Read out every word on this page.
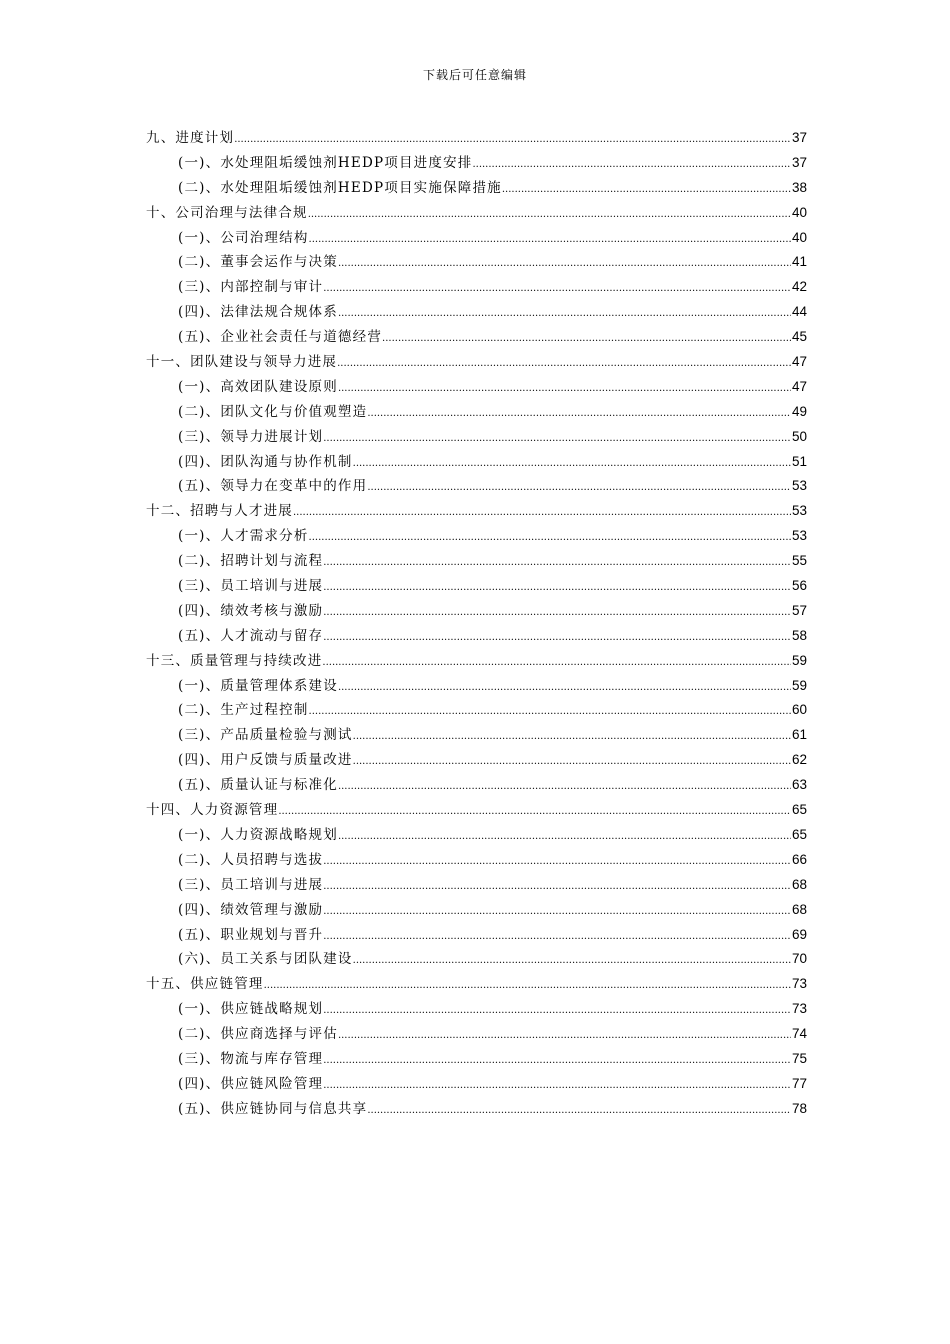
下载后可任意编辑
九、进度计划 .....	37
(一)、水处理阻垢缓蚀剂HEDP项目进度安排 .....	37
(二)、水处理阻垢缓蚀剂HEDP项目实施保障措施 .....	38
十、公司治理与法律合规 .....	40
(一)、公司治理结构 .....	40
(二)、董事会运作与决策 .....	41
(三)、内部控制与审计 .....	42
(四)、法律法规合规体系 .....	44
(五)、企业社会责任与道德经营 .....	45
十一、团队建设与领导力进展 .....	47
(一)、高效团队建设原则 .....	47
(二)、团队文化与价值观塑造 .....	49
(三)、领导力进展计划 .....	50
(四)、团队沟通与协作机制 .....	51
(五)、领导力在变革中的作用 .....	53
十二、招聘与人才进展 .....	53
(一)、人才需求分析 .....	53
(二)、招聘计划与流程 .....	55
(三)、员工培训与进展 .....	56
(四)、绩效考核与激励 .....	57
(五)、人才流动与留存 .....	58
十三、质量管理与持续改进 .....	59
(一)、质量管理体系建设 .....	59
(二)、生产过程控制 .....	60
(三)、产品质量检验与测试 .....	61
(四)、用户反馈与质量改进 .....	62
(五)、质量认证与标准化 .....	63
十四、人力资源管理 .....	65
(一)、人力资源战略规划 .....	65
(二)、人员招聘与选拔 .....	66
(三)、员工培训与进展 .....	68
(四)、绩效管理与激励 .....	68
(五)、职业规划与晋升 .....	69
(六)、员工关系与团队建设 .....	70
十五、供应链管理 .....	73
(一)、供应链战略规划 .....	73
(二)、供应商选择与评估 .....	74
(三)、物流与库存管理 .....	75
(四)、供应链风险管理 .....	77
(五)、供应链协同与信息共享 .....	78
